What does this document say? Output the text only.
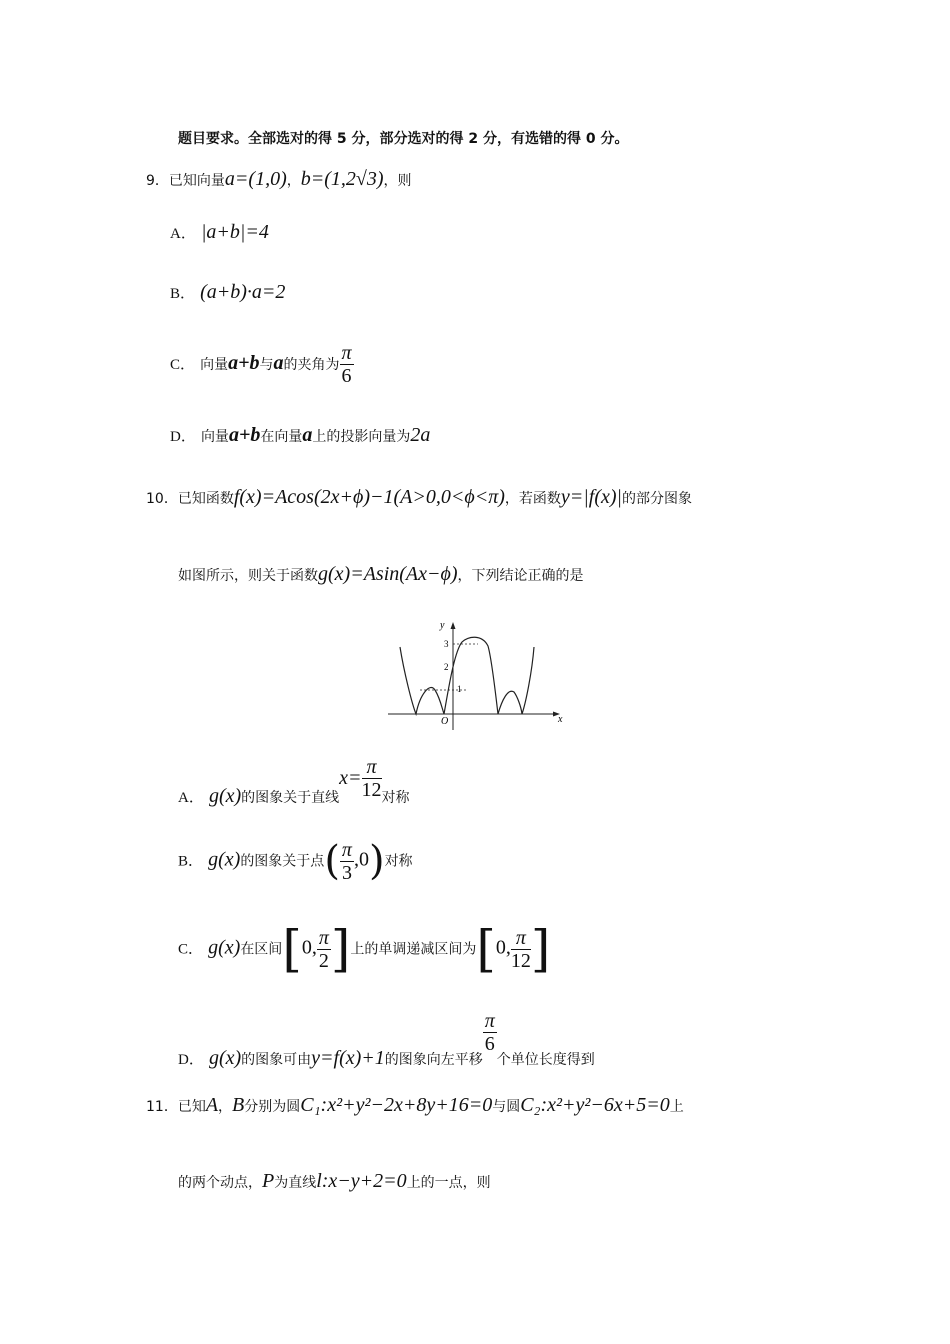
题目要求。全部选对的得 5 分，部分选对的得 2 分，有选错的得 0 分。
9．已知向量a=(1,0)，b=(1,2√3)，则
A． |a+b|=4
B． (a+b)·a=2
C． 向量a+b与a的夹角为 $\frac{\pi}{6}$
D． 向量a+b在向量a上的投影向量为2a
10．已知函数f(x)=Acos(2x+ϕ)−1(A>0,0<ϕ<π)，若函数y=|f(x)|的部分图象
如图所示，则关于函数g(x)=Asin(Ax−ϕ)，下列结论正确的是
x
y
O
3
2
1
A． g(x)的图象关于直线$x= \frac{\pi}{12}$ 对称
B． g(x)的图象关于点( $\frac{\pi}{3} ,0$)对称
C． g(x)在区间[0, $\frac{\pi}{2}$ ]上的单调递减区间为[0, $\frac{\pi}{12}$ ]
D． g(x)的图象可由y=f(x)+1的图象向左平移
$\frac{\pi}{6}$
个单位长度得到
11．已知A，B分别为圆C₁:x²+y²−2x+8y+16=0与圆C₂:x²+y²−6x+5=0上
的两个动点，P为直线l:x−y+2=0上的一点，则
